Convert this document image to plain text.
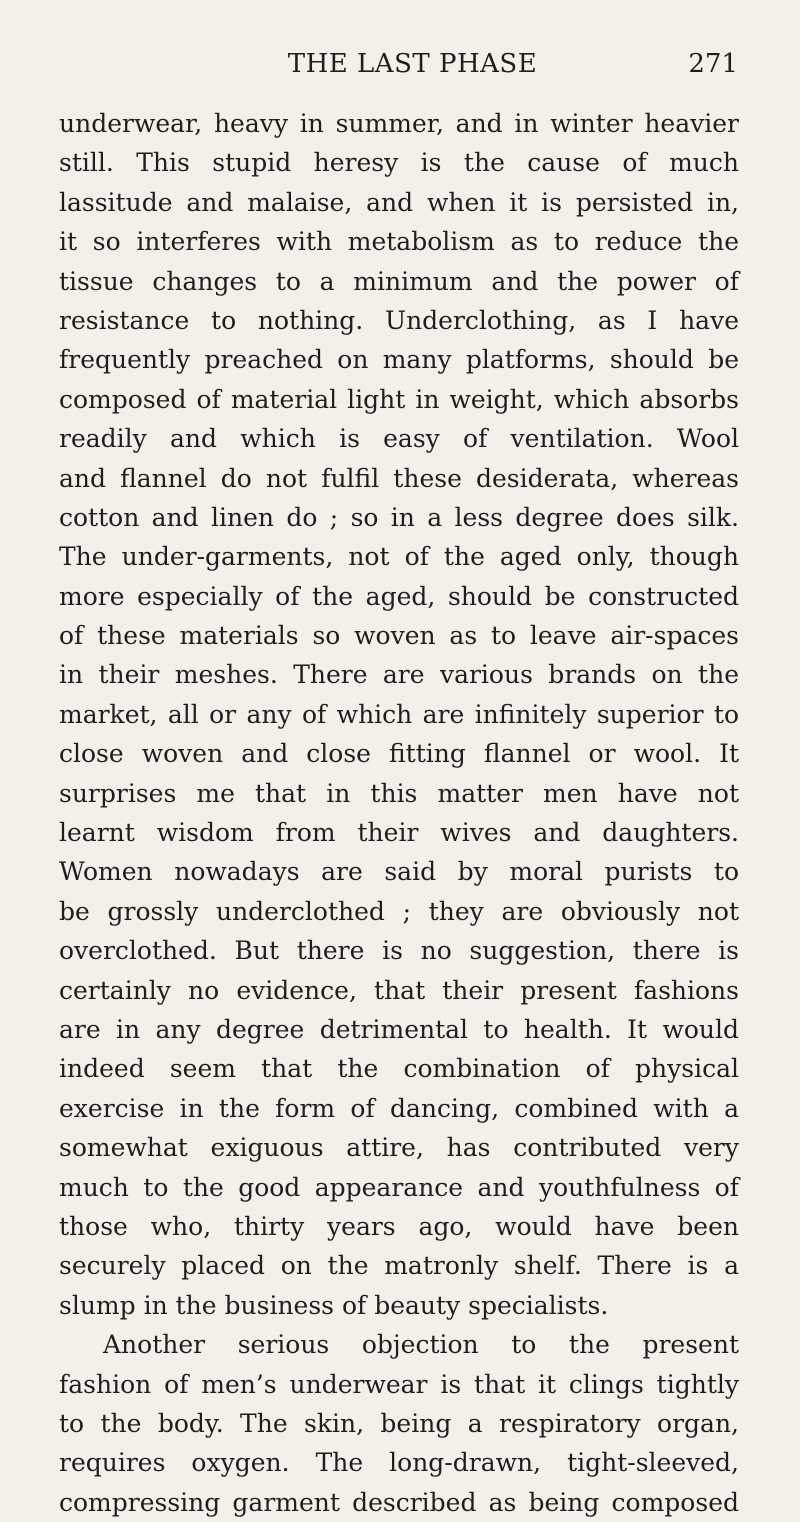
THE LAST PHASE	271
underwear, heavy in summer, and in winter heavier
still. This stupid heresy is the cause of much
lassitude and malaise, and when it is persisted in,
it so interferes with metabolism as to reduce the
tissue changes to a minimum and the power of
resistance to nothing. Underclothing, as I have
frequently preached on many platforms, should be
composed of material light in weight, which absorbs
readily and which is easy of ventilation. Wool
and flannel do not fulfil these desiderata, whereas
cotton and linen do ; so in a less degree does silk.
The under-garments, not of the aged only, though
more especially of the aged, should be constructed
of these materials so woven as to leave air-spaces
in their meshes. There are various brands on the
market, all or any of which are infinitely superior to
close woven and close fitting flannel or wool. It
surprises me that in this matter men have not
learnt wisdom from their wives and daughters.
Women nowadays are said by moral purists to
be grossly underclothed ; they are obviously not
overclothed. But there is no suggestion, there is
certainly no evidence, that their present fashions
are in any degree detrimental to health. It would
indeed seem that the combination of physical
exercise in the form of dancing, combined with a
somewhat exiguous attire, has contributed very
much to the good appearance and youthfulness of
those who, thirty years ago, would have been
securely placed on the matronly shelf. There is a
slump in the business of beauty specialists.
Another serious objection to the present
fashion of men’s underwear is that it clings tightly
to the body. The skin, being a respiratory organ,
requires oxygen. The long-drawn, tight-sleeved,
compressing garment described as being composed
